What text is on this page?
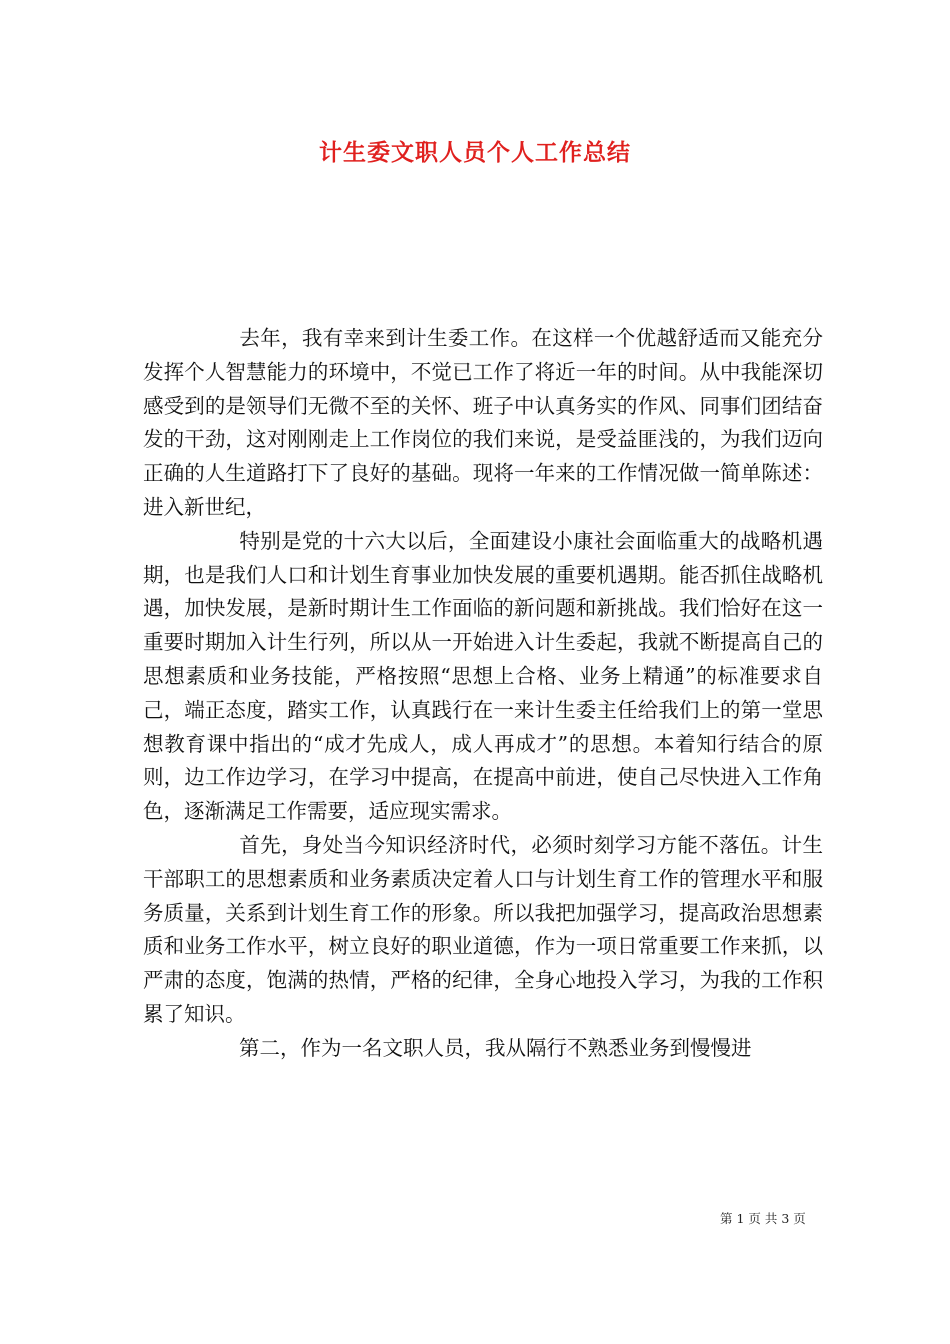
计生委文职人员个人工作总结

去年，我有幸来到计生委工作。在这样一个优越舒适而又能充分发挥个人智慧能力的环境中，不觉已工作了将近一年的时间。从中我能深切感受到的是领导们无微不至的关怀、班子中认真务实的作风、同事们团结奋发的干劲，这对刚刚走上工作岗位的我们来说，是受益匪浅的，为我们迈向正确的人生道路打下了良好的基础。现将一年来的工作情况做一简单陈述：进入新世纪，

特别是党的十六大以后，全面建设小康社会面临重大的战略机遇期，也是我们人口和计划生育事业加快发展的重要机遇期。能否抓住战略机遇，加快发展，是新时期计生工作面临的新问题和新挑战。我们恰好在这一重要时期加入计生行列，所以从一开始进入计生委起，我就不断提高自己的思想素质和业务技能，严格按照“思想上合格、业务上精通”的标准要求自己，端正态度，踏实工作，认真践行在一来计生委主任给我们上的第一堂思想教育课中指出的“成才先成人，成人再成才”的思想。本着知行结合的原则，边工作边学习，在学习中提高，在提高中前进，使自己尽快进入工作角色，逐渐满足工作需要，适应现实需求。

首先，身处当今知识经济时代，必须时刻学习方能不落伍。计生干部职工的思想素质和业务素质决定着人口与计划生育工作的管理水平和服务质量，关系到计划生育工作的形象。所以我把加强学习，提高政治思想素质和业务工作水平，树立良好的职业道德，作为一项日常重要工作来抓，以严肃的态度，饱满的热情，严格的纪律，全身心地投入学习，为我的工作积累了知识。

第二，作为一名文职人员，我从隔行不熟悉业务到慢慢进

第 1 页 共 3 页
